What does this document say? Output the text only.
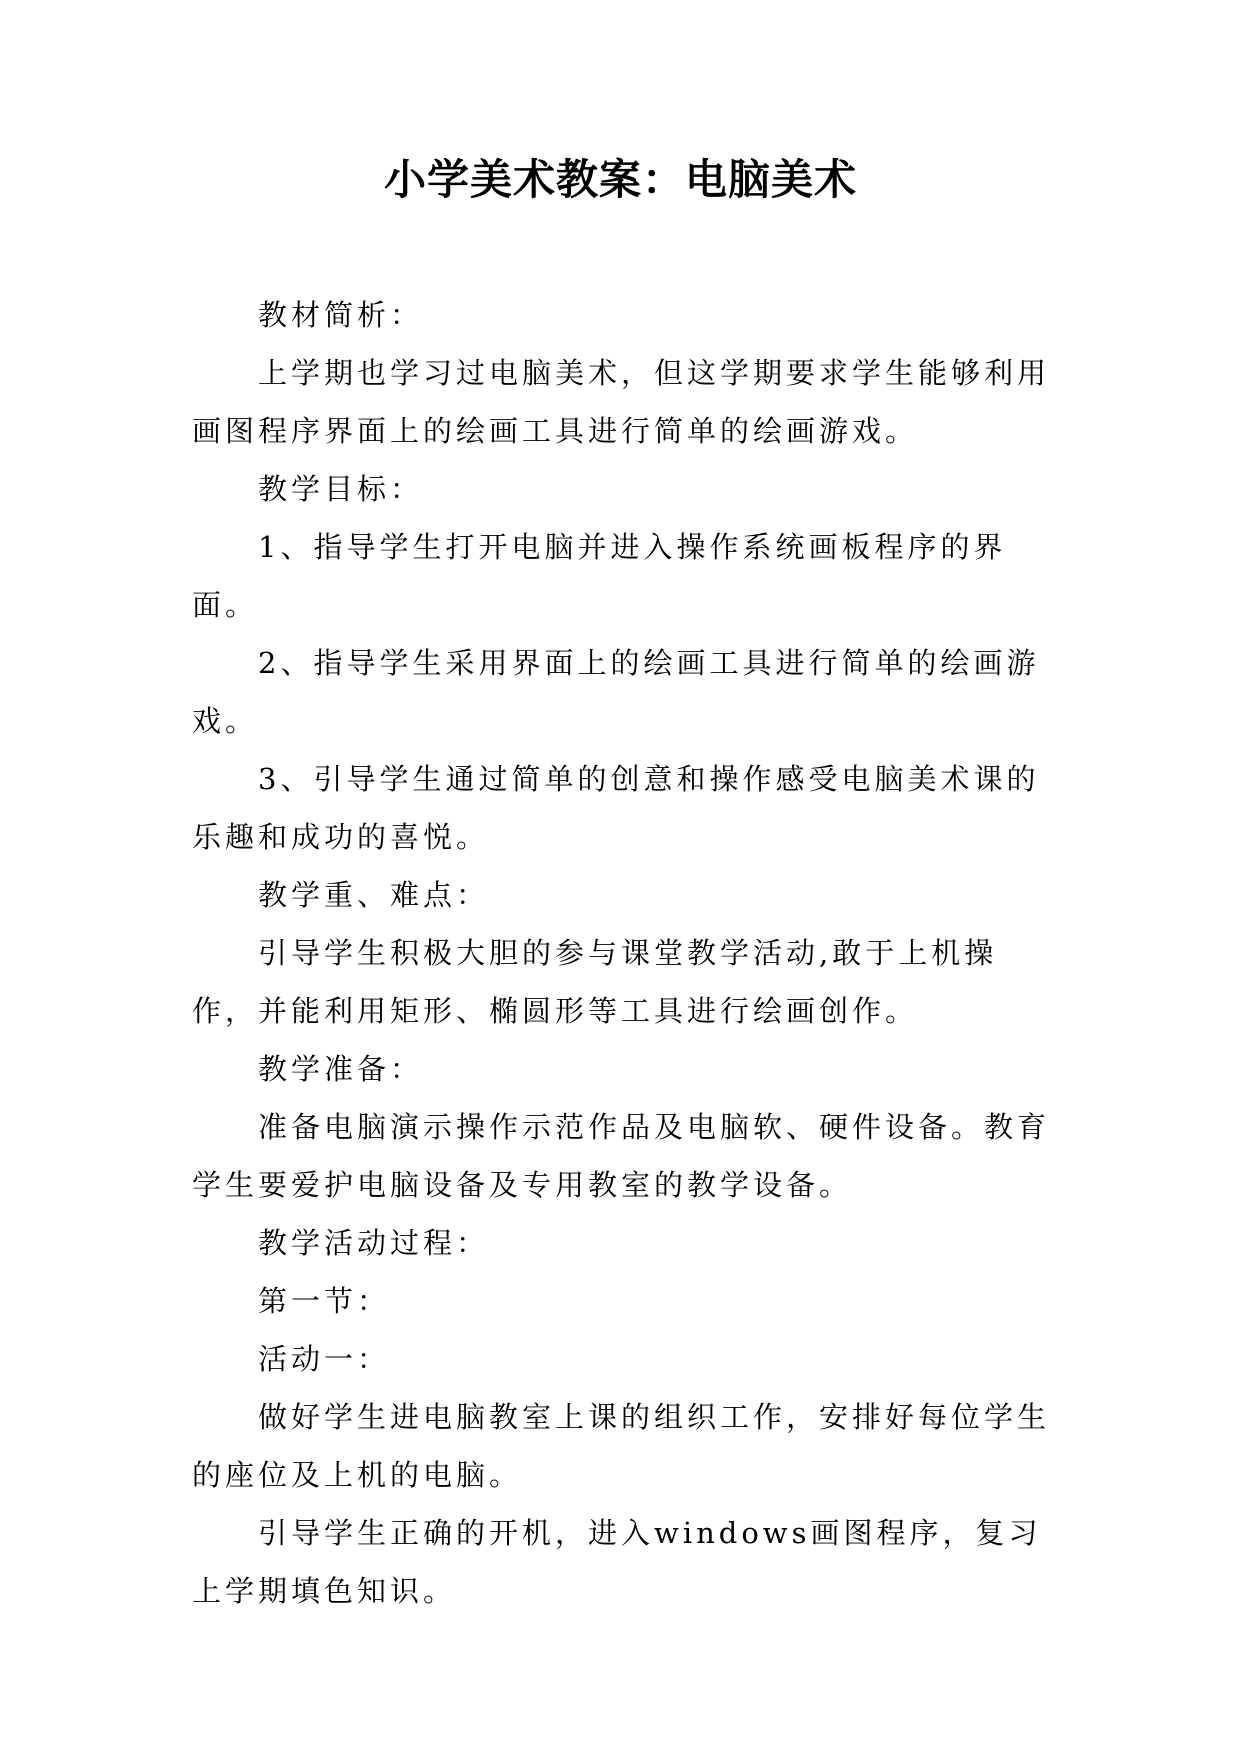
小学美术教案：电脑美术

教材简析：

上学期也学习过电脑美术，但这学期要求学生能够利用画图程序界面上的绘画工具进行简单的绘画游戏。

教学目标：

1、指导学生打开电脑并进入操作系统画板程序的界面。

2、指导学生采用界面上的绘画工具进行简单的绘画游戏。

3、引导学生通过简单的创意和操作感受电脑美术课的乐趣和成功的喜悦。

教学重、难点：

引导学生积极大胆的参与课堂教学活动,敢于上机操作，并能利用矩形、椭圆形等工具进行绘画创作。

教学准备：

准备电脑演示操作示范作品及电脑软、硬件设备。教育学生要爱护电脑设备及专用教室的教学设备。

教学活动过程：

第一节：

活动一：

做好学生进电脑教室上课的组织工作，安排好每位学生的座位及上机的电脑。

引导学生正确的开机，进入windows画图程序，复习上学期填色知识。
